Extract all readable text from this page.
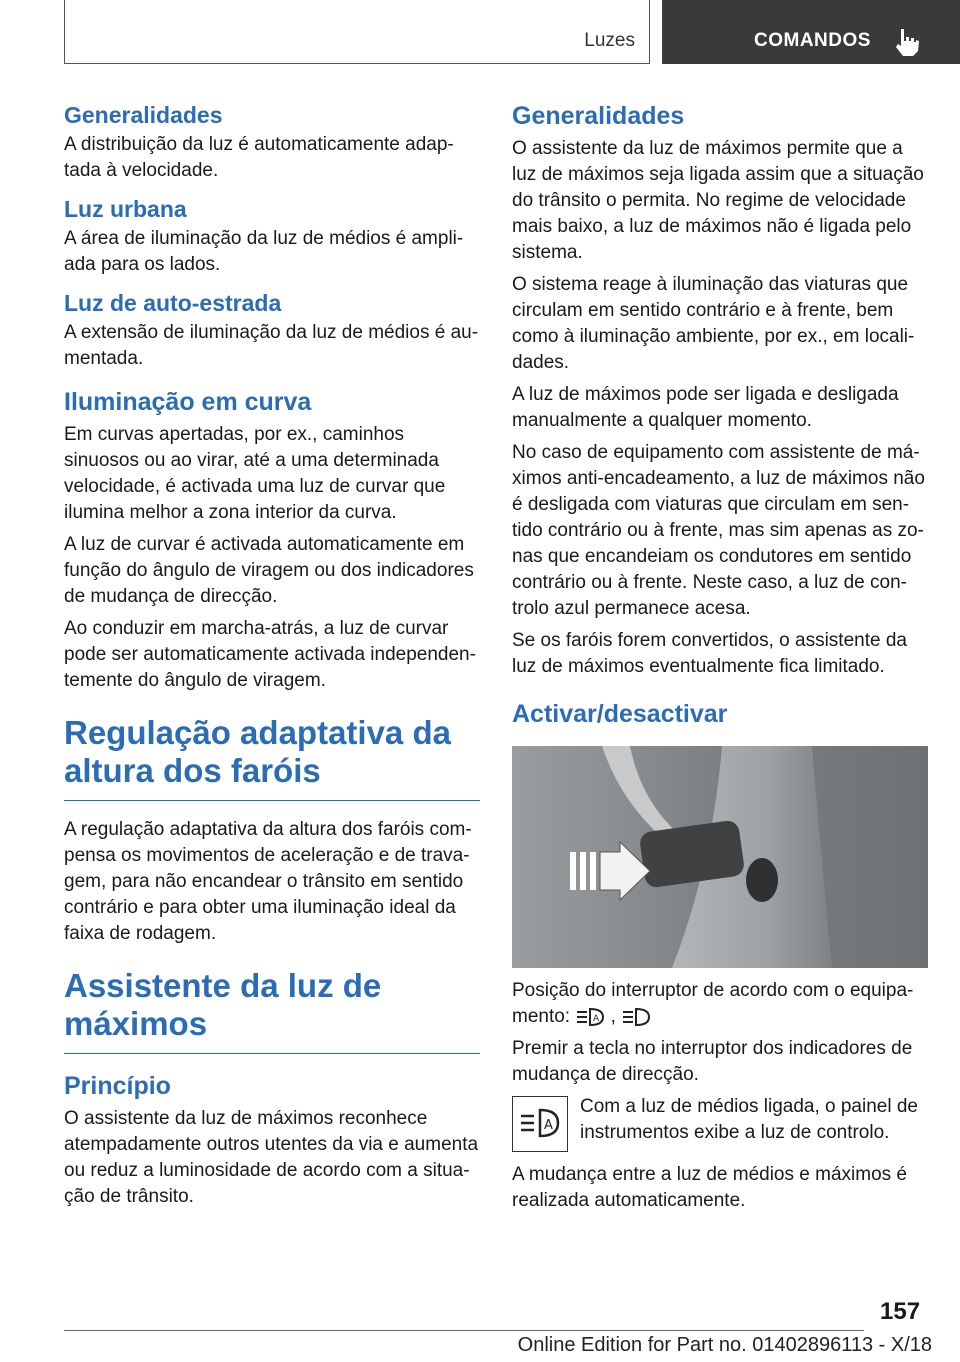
Luzes	COMANDOS
Generalidades

A distribuição da luz é automaticamente adap-tada à velocidade.

Luz urbana

A área de iluminação da luz de médios é ampli-ada para os lados.

Luz de auto-estrada

A extensão de iluminação da luz de médios é au-mentada.

Iluminação em curva

Em curvas apertadas, por ex., caminhos sinuosos ou ao virar, até a uma determinada velocidade, é activada uma luz de curvar que ilumina melhor a zona interior da curva.

A luz de curvar é activada automaticamente em função do ângulo de viragem ou dos indicadores de mudança de direcção.

Ao conduzir em marcha-atrás, a luz de curvar pode ser automaticamente activada independen-temente do ângulo de viragem.

Regulação adaptativa da altura dos faróis

A regulação adaptativa da altura dos faróis com-pensa os movimentos de aceleração e de trava-gem, para não encandear o trânsito em sentido contrário e para obter uma iluminação ideal da faixa de rodagem.

Assistente da luz de máximos
Princípio

O assistente da luz de máximos reconhece atempadamente outros utentes da via e aumenta ou reduz a luminosidade de acordo com a situa-ção de trânsito.

Generalidades

O assistente da luz de máximos permite que a luz de máximos seja ligada assim que a situação do trânsito o permita. No regime de velocidade mais baixo, a luz de máximos não é ligada pelo sistema.

O sistema reage à iluminação das viaturas que circulam em sentido contrário e à frente, bem como à iluminação ambiente, por ex., em locali-dades.

A luz de máximos pode ser ligada e desligada manualmente a qualquer momento.

No caso de equipamento com assistente de má-ximos anti-encadeamento, a luz de máximos não é desligada com viaturas que circulam em sen-tido contrário ou à frente, mas sim apenas as zo-nas que encandeiam os condutores em sentido contrário ou à frente. Neste caso, a luz de con-trolo azul permanece acesa.

Se os faróis forem convertidos, o assistente da luz de máximos eventualmente fica limitado.

Activar/desactivar

Posição do interruptor de acordo com o equipa-mento:	A ,

Premir a tecla no interruptor dos indicadores de mudança de direcção.

A

Com a luz de médios ligada, o painel de instrumentos exibe a luz de controlo.

A mudança entre a luz de médios e máximos é realizada automaticamente.

157
Online Edition for Part no. 01402896113 - X/18
